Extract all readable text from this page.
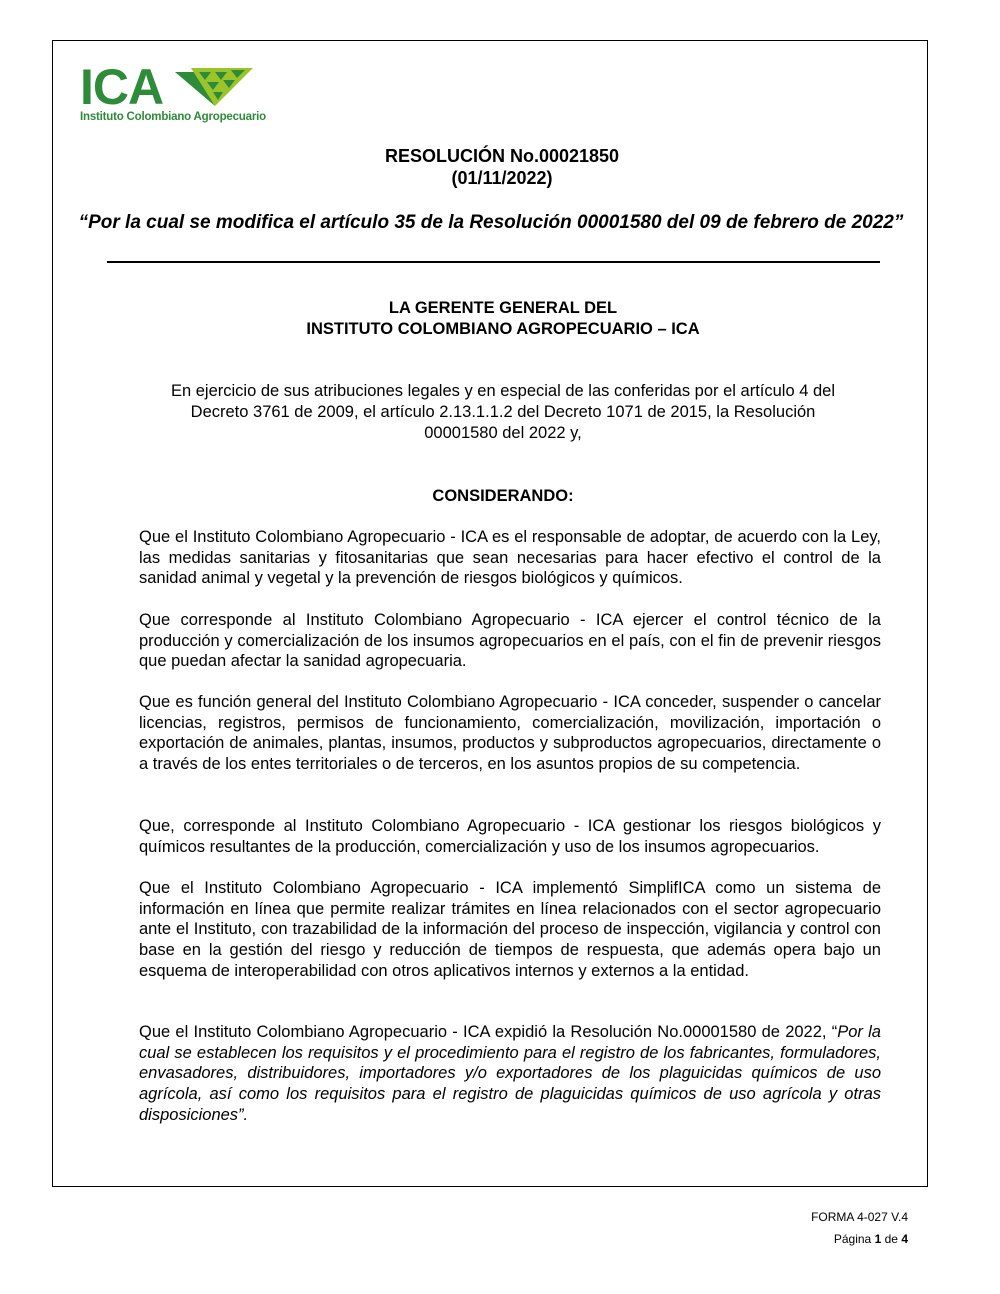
ICA
Instituto Colombiano Agropecuario
RESOLUCIÓN No.00021850
(01/11/2022)
“Por la cual se modifica el artículo 35 de la Resolución 00001580 del 09 de febrero de 2022”
LA GERENTE GENERAL DEL
INSTITUTO COLOMBIANO AGROPECUARIO – ICA
En ejercicio de sus atribuciones legales y en especial de las conferidas por el artículo 4 del
Decreto 3761 de 2009, el artículo 2.13.1.1.2 del Decreto 1071 de 2015, la Resolución
00001580 del 2022 y,
CONSIDERANDO:
Que el Instituto Colombiano Agropecuario - ICA es el responsable de adoptar, de acuerdo con la Ley, las medidas sanitarias y fitosanitarias que sean necesarias para hacer efectivo el control de la sanidad animal y vegetal y la prevención de riesgos biológicos y químicos.
Que corresponde al Instituto Colombiano Agropecuario - ICA ejercer el control técnico de la producción y comercialización de los insumos agropecuarios en el país, con el fin de prevenir riesgos que puedan afectar la sanidad agropecuaria.
Que es función general del Instituto Colombiano Agropecuario - ICA conceder, suspender o cancelar licencias, registros, permisos de funcionamiento, comercialización, movilización, importación o exportación de animales, plantas, insumos, productos y subproductos agropecuarios, directamente o a través de los entes territoriales o de terceros, en los asuntos propios de su competencia.
Que, corresponde al Instituto Colombiano Agropecuario - ICA gestionar los riesgos biológicos y químicos resultantes de la producción, comercialización y uso de los insumos agropecuarios.
Que el Instituto Colombiano Agropecuario - ICA implementó SimplifICA como un sistema de información en línea que permite realizar trámites en línea relacionados con el sector agropecuario ante el Instituto, con trazabilidad de la información del proceso de inspección, vigilancia y control con base en la gestión del riesgo y reducción de tiempos de respuesta, que además opera bajo un esquema de interoperabilidad con otros aplicativos internos y externos a la entidad.
Que el Instituto Colombiano Agropecuario - ICA expidió la Resolución No.00001580 de 2022, “Por la cual se establecen los requisitos y el procedimiento para el registro de los fabricantes, formuladores, envasadores, distribuidores, importadores y/o exportadores de los plaguicidas químicos de uso agrícola, así como los requisitos para el registro de plaguicidas químicos de uso agrícola y otras disposiciones”.
FORMA 4-027 V.4
Página 1 de 4
